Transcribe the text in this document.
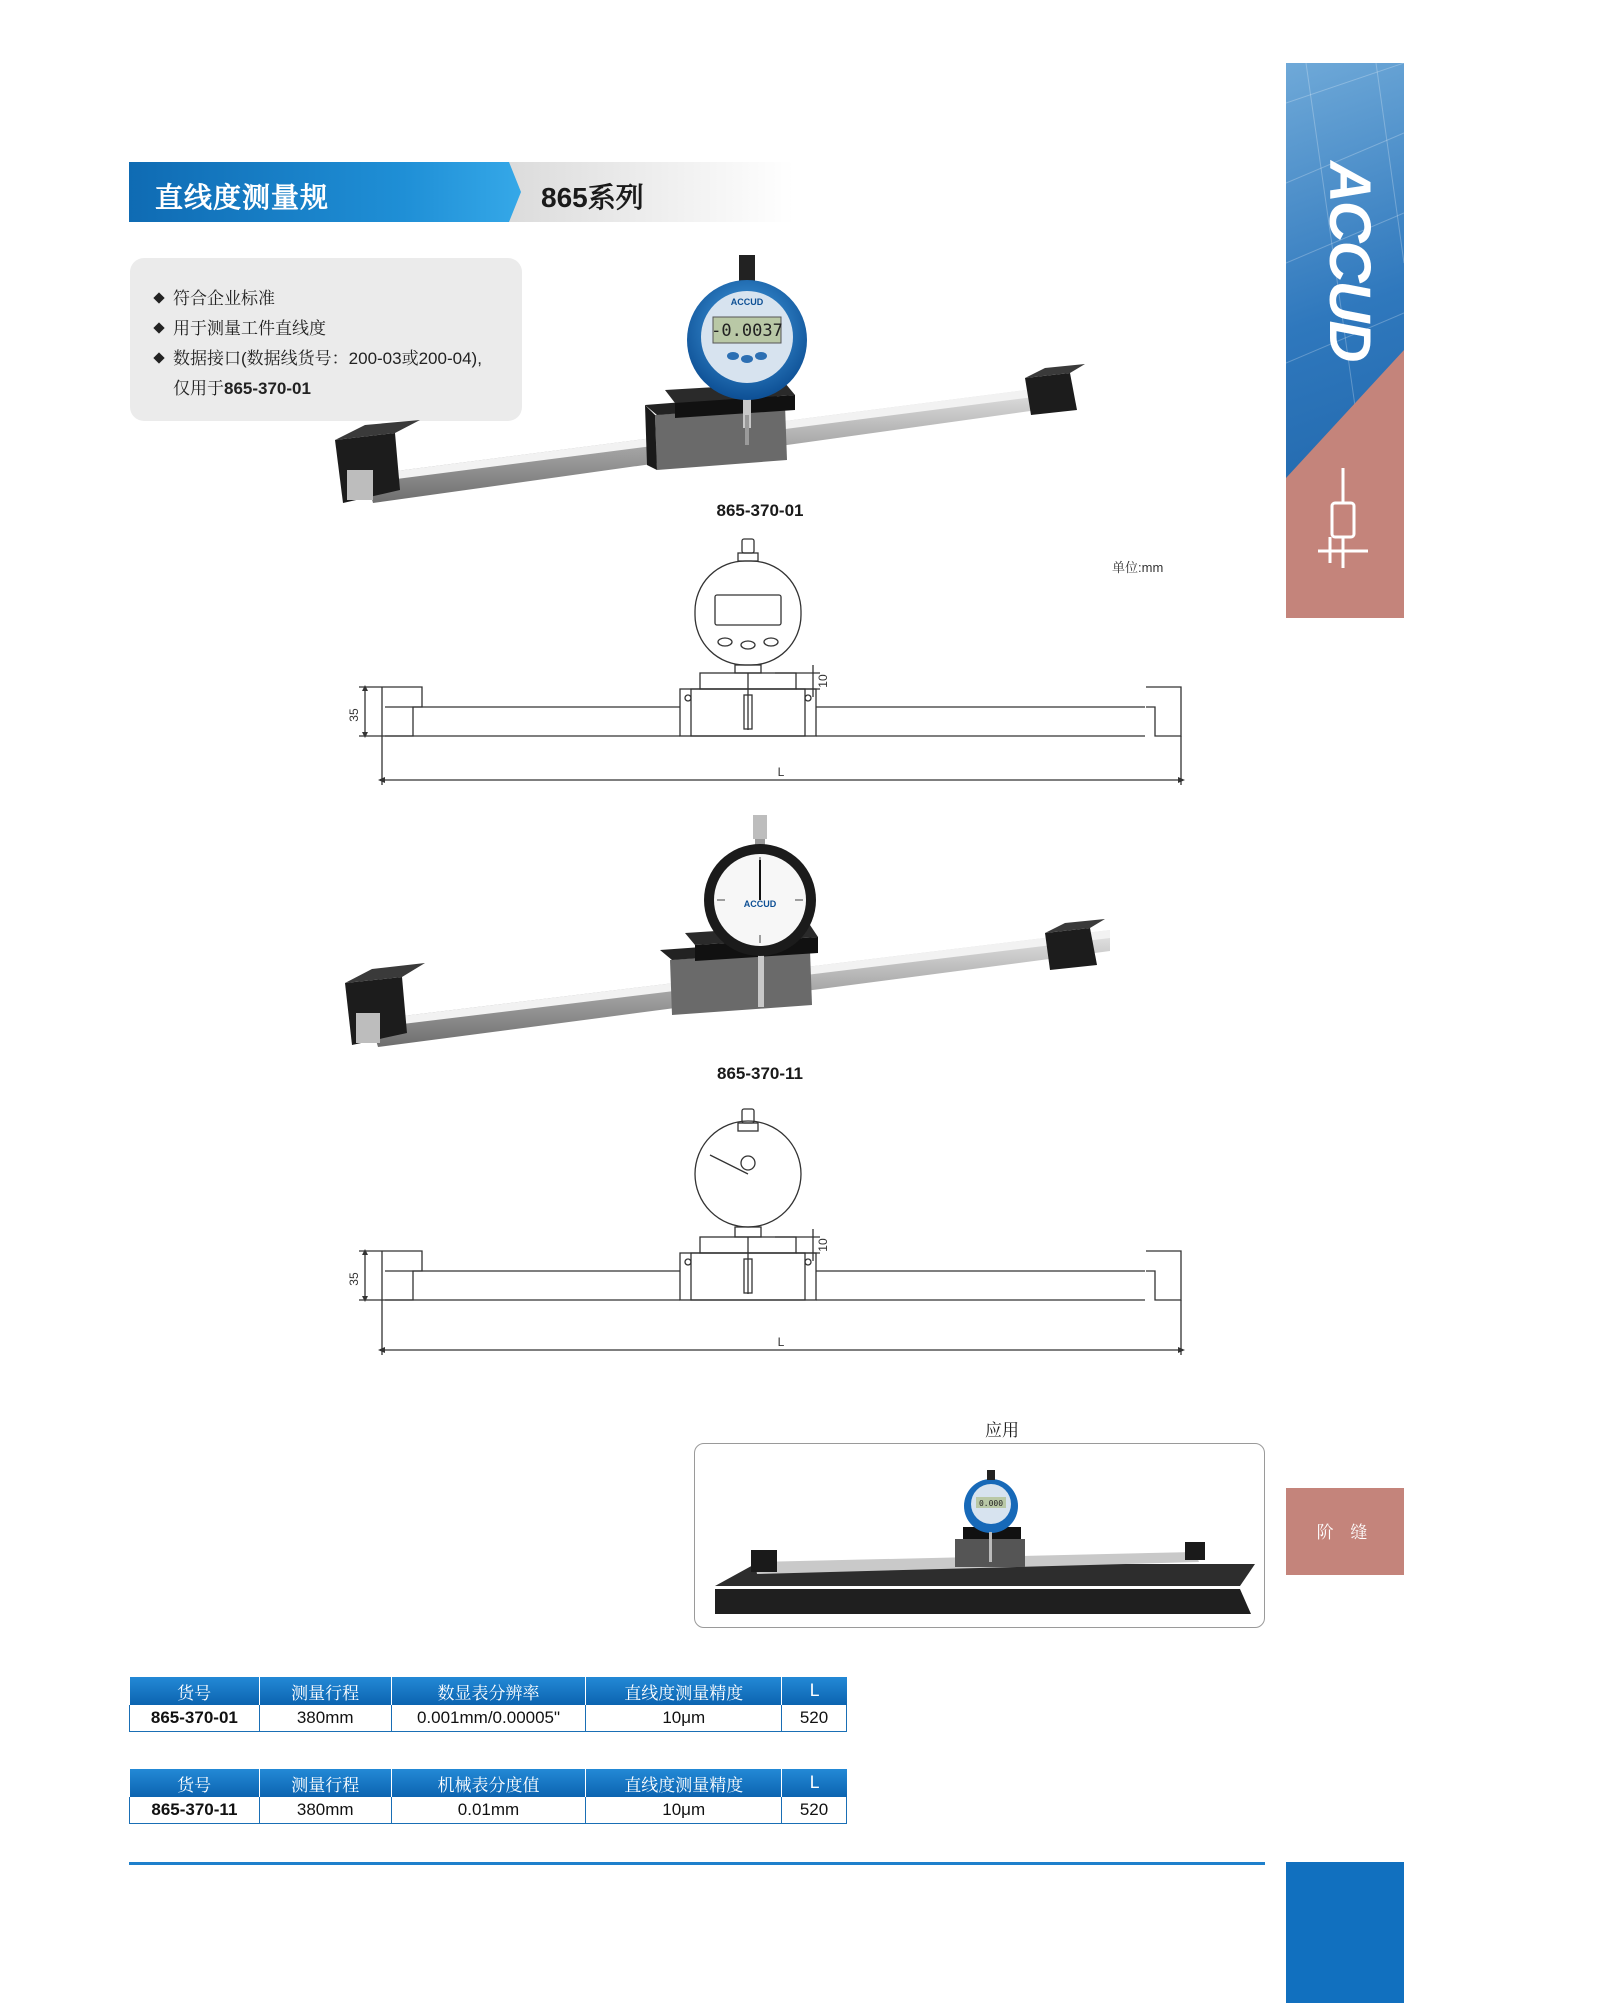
直线度测量规	865系列
符合企业标准
用于测量工件直线度
数据接口(数据线货号：200-03或200-04),
仅用于865-370-01
ACCUD
-0.0037
ACCUD
865-370-01
单位:mm
35
10
L
ACCUD
865-370-11
35
10
L
应用
0.000
阶 缝
货号	测量行程	数显表分辨率	直线度测量精度	L
865-370-01	380mm	0.001mm/0.00005"	10μm	520
货号	测量行程	机械表分度值	直线度测量精度	L
865-370-11	380mm	0.01mm	10μm	520
